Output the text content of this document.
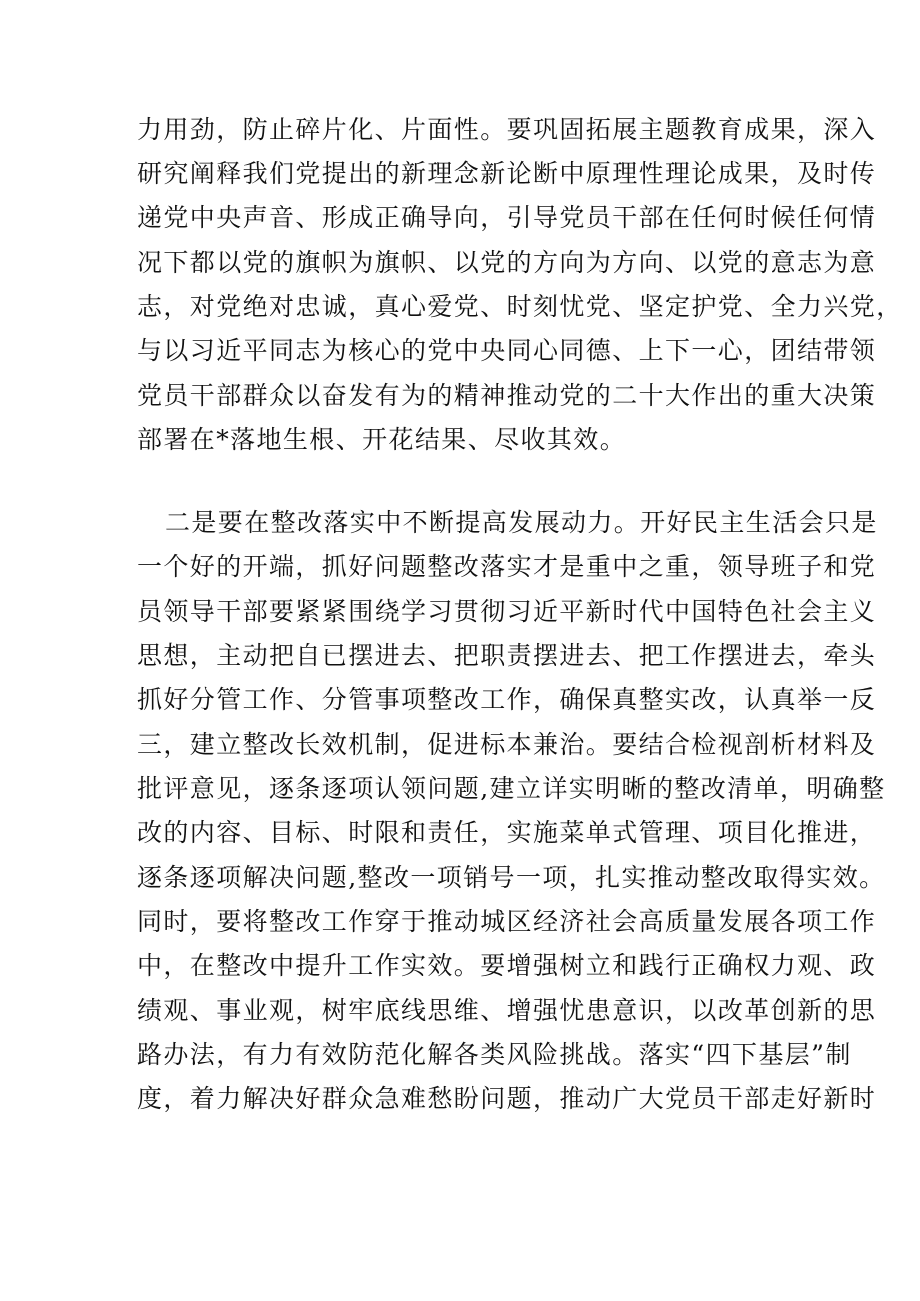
力用劲，防止碎片化、片面性。要巩固拓展主题教育成果，深入
研究阐释我们党提出的新理念新论断中原理性理论成果，及时传
递党中央声音、形成正确导向，引导党员干部在任何时候任何情
况下都以党的旗帜为旗帜、以党的方向为方向、以党的意志为意
志，对党绝对忠诚，真心爱党、时刻忧党、坚定护党、全力兴党，
与以习近平同志为核心的党中央同心同德、上下一心，团结带领
党员干部群众以奋发有为的精神推动党的二十大作出的重大决策
部署在*落地生根、开花结果、尽收其效。
二是要在整改落实中不断提高发展动力。开好民主生活会只是
一个好的开端，抓好问题整改落实才是重中之重，领导班子和党
员领导干部要紧紧围绕学习贯彻习近平新时代中国特色社会主义
思想，主动把自已摆进去、把职责摆进去、把工作摆进去，牵头
抓好分管工作、分管事项整改工作，确保真整实改，认真举一反
三，建立整改长效机制，促进标本兼治。要结合检视剖析材料及
批评意见，逐条逐项认领问题,建立详实明晰的整改清单，明确整
改的内容、目标、时限和责任，实施菜单式管理、项目化推进，
逐条逐项解决问题,整改一项销号一项，扎实推动整改取得实效。
同时，要将整改工作穿于推动城区经济社会高质量发展各项工作
中，在整改中提升工作实效。要增强树立和践行正确权力观、政
绩观、事业观，树牢底线思维、增强忧患意识，以改革创新的思
路办法，有力有效防范化解各类风险挑战。落实“四下基层”制
度，着力解决好群众急难愁盼问题，推动广大党员干部走好新时
